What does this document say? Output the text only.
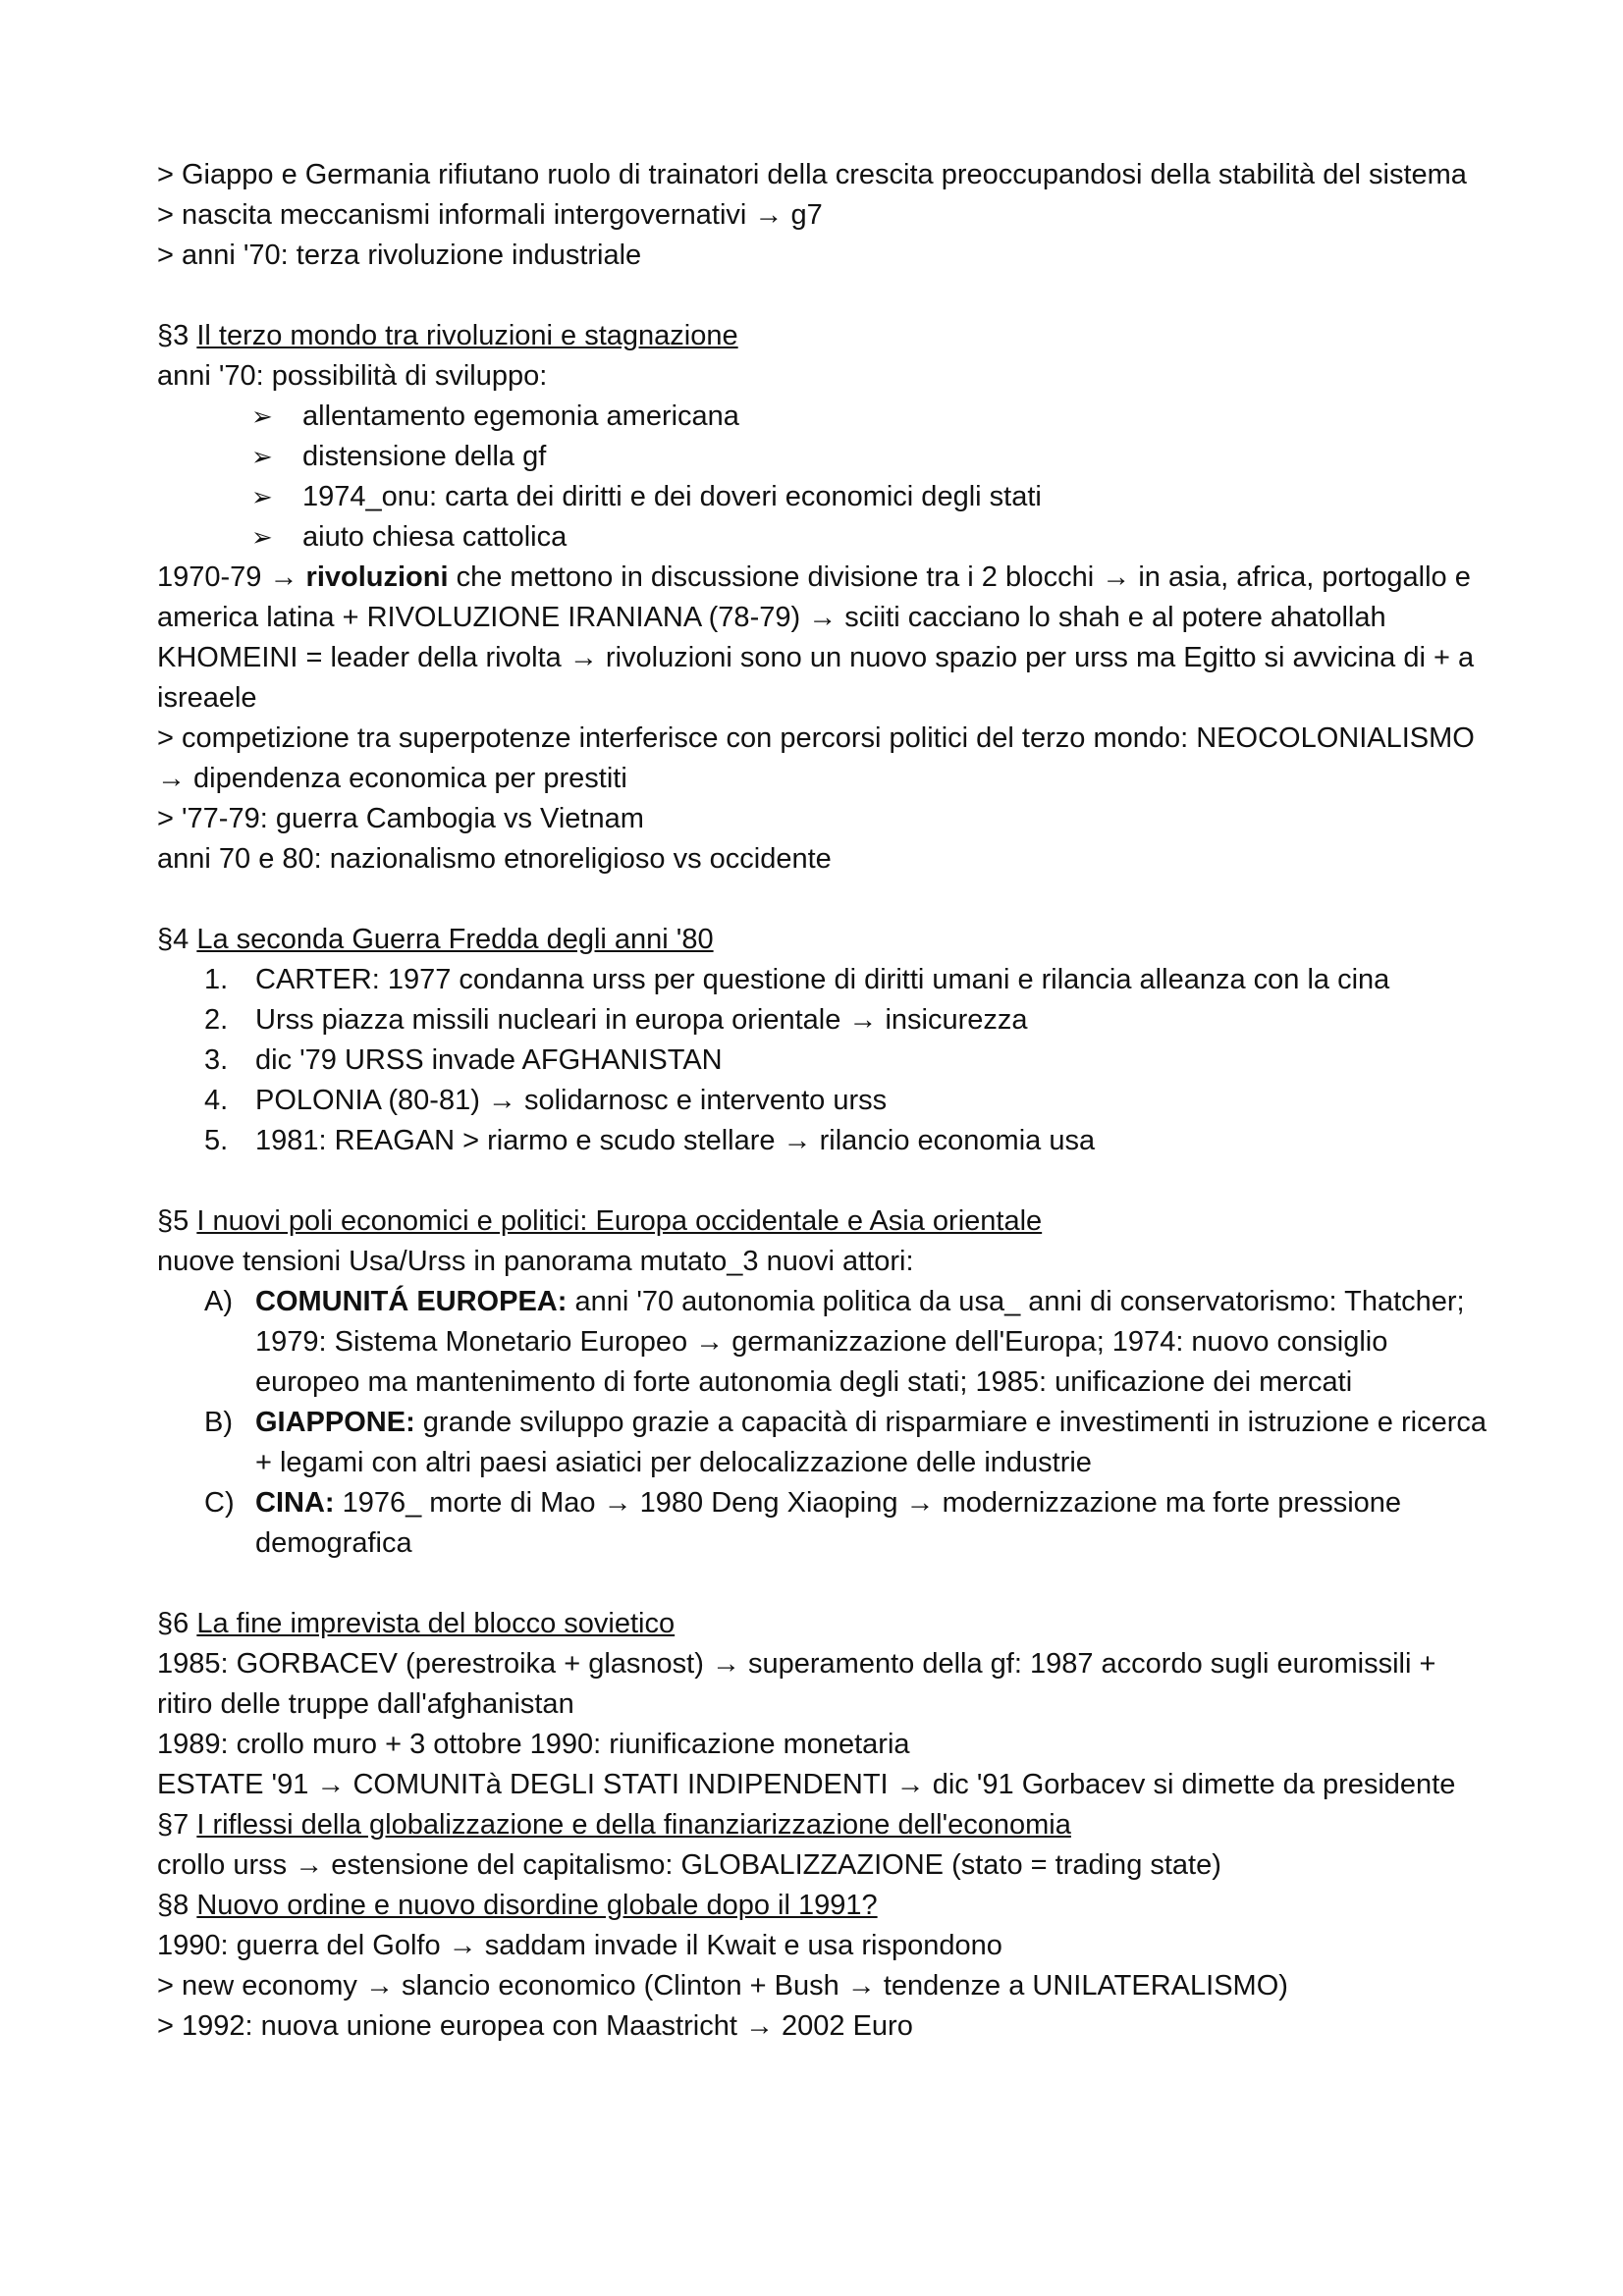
> Giappo e Germania rifiutano ruolo di trainatori della crescita preoccupandosi della stabilità del sistema
> nascita meccanismi informali intergovernativi → g7
> anni '70: terza rivoluzione industriale
§3 Il terzo mondo tra rivoluzioni e stagnazione
anni '70: possibilità di sviluppo:
➢ allentamento egemonia americana
➢ distensione della gf
➢ 1974_onu: carta dei diritti e dei doveri economici degli stati
➢ aiuto chiesa cattolica

1970-79 → rivoluzioni che mettono in discussione divisione tra i 2 blocchi → in asia, africa, portogallo e america latina + RIVOLUZIONE IRANIANA (78-79) → sciiti cacciano lo shah e al potere ahatollah KHOMEINI = leader della rivolta → rivoluzioni sono un nuovo spazio per urss ma Egitto si avvicina di + a isreaele

> competizione tra superpotenze interferisce con percorsi politici del terzo mondo: NEOCOLONIALISMO → dipendenza economica per prestiti
> '77-79: guerra Cambogia vs Vietnam
anni 70 e 80: nazionalismo etnoreligioso vs occidente
§4 La seconda Guerra Fredda degli anni '80
1. CARTER: 1977 condanna urss per questione di diritti umani e rilancia alleanza con la cina
2. Urss piazza missili nucleari in europa orientale → insicurezza
3. dic '79 URSS invade AFGHANISTAN
4. POLONIA (80-81) → solidarnosc e intervento urss
5. 1981: REAGAN > riarmo e scudo stellare → rilancio economia usa
§5 I nuovi poli economici e politici: Europa occidentale e Asia orientale
nuove tensioni Usa/Urss in panorama mutato_3 nuovi attori:
A) COMUNITÁ EUROPEA: anni '70 autonomia politica da usa_ anni di conservatorismo: Thatcher; 1979: Sistema Monetario Europeo → germanizzazione dell'Europa; 1974: nuovo consiglio europeo ma mantenimento di forte autonomia degli stati; 1985: unificazione dei mercati
B) GIAPPONE: grande sviluppo grazie a capacità di risparmiare e investimenti in istruzione e ricerca + legami con altri paesi asiatici per delocalizzazione delle industrie
C) CINA: 1976_ morte di Mao → 1980 Deng Xiaoping → modernizzazione ma forte pressione demografica
§6 La fine imprevista del blocco sovietico
1985: GORBACEV (perestroika + glasnost) → superamento della gf: 1987 accordo sugli euromissili + ritiro delle truppe dall'afghanistan
1989: crollo muro + 3 ottobre 1990: riunificazione monetaria
ESTATE '91 → COMUNITà DEGLI STATI INDIPENDENTI → dic '91 Gorbacev si dimette da presidente
§7 I riflessi della globalizzazione e della finanziarizzazione dell'economia
crollo urss → estensione del capitalismo: GLOBALIZZAZIONE (stato = trading state)
§8 Nuovo ordine e nuovo disordine globale dopo il 1991?
1990: guerra del Golfo → saddam invade il Kwait e usa rispondono
> new economy → slancio economico (Clinton + Bush → tendenze a UNILATERALISMO)
> 1992: nuova unione europea con Maastricht → 2002 Euro
